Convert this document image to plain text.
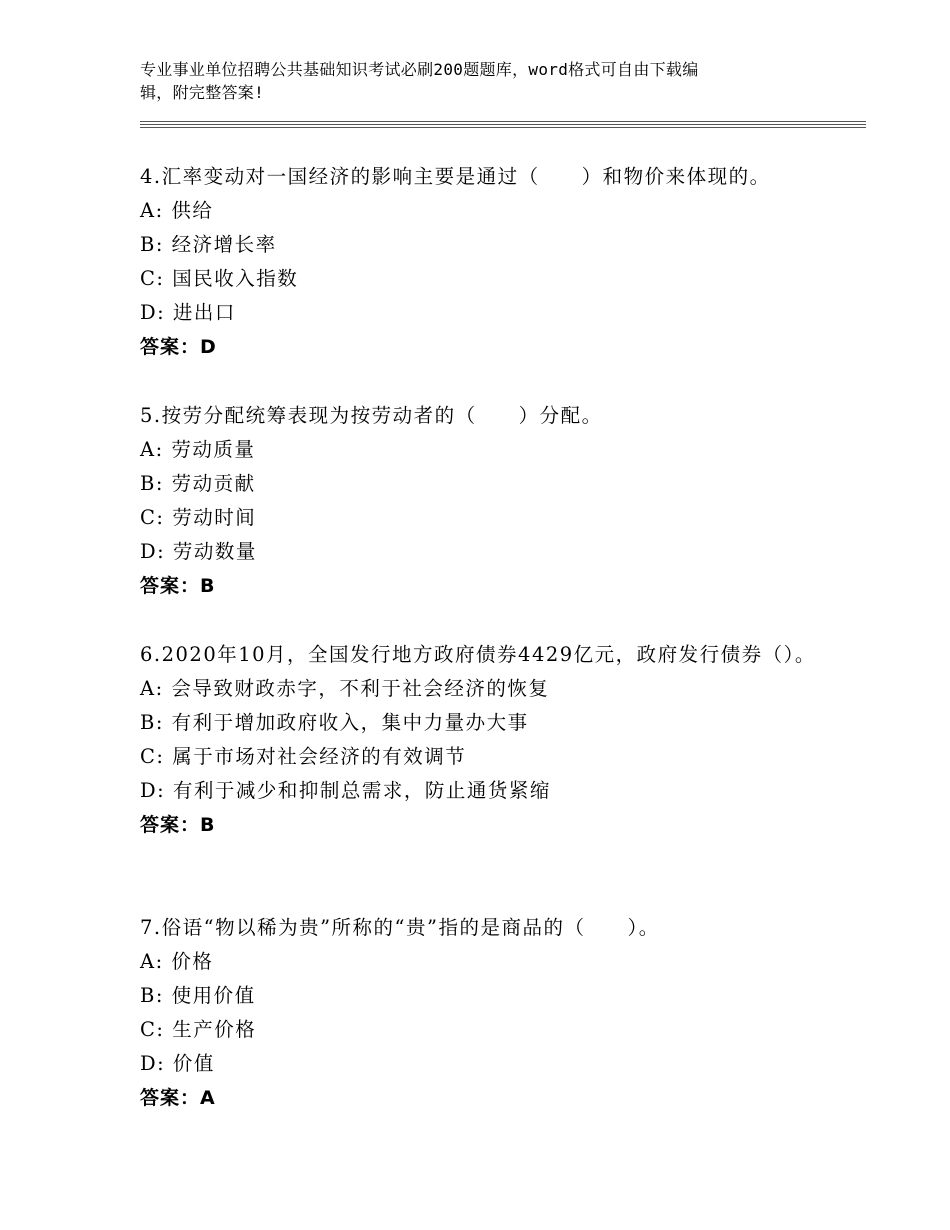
专业事业单位招聘公共基础知识考试必刷200题题库，word格式可自由下载编
辑，附完整答案!
4.汇率变动对一国经济的影响主要是通过（　　）和物价来体现的。
A: 供给
B: 经济增长率
C: 国民收入指数
D: 进出口
答案：D
5.按劳分配统筹表现为按劳动者的（　　）分配。
A: 劳动质量
B: 劳动贡献
C: 劳动时间
D: 劳动数量
答案：B
6.2020年10月，全国发行地方政府债券4429亿元，政府发行债券（）。
A: 会导致财政赤字，不利于社会经济的恢复
B: 有利于增加政府收入，集中力量办大事
C: 属于市场对社会经济的有效调节
D: 有利于减少和抑制总需求，防止通货紧缩
答案：B
7.俗语“物以稀为贵”所称的“贵”指的是商品的（　　）。
A: 价格
B: 使用价值
C: 生产价格
D: 价值
答案：A
